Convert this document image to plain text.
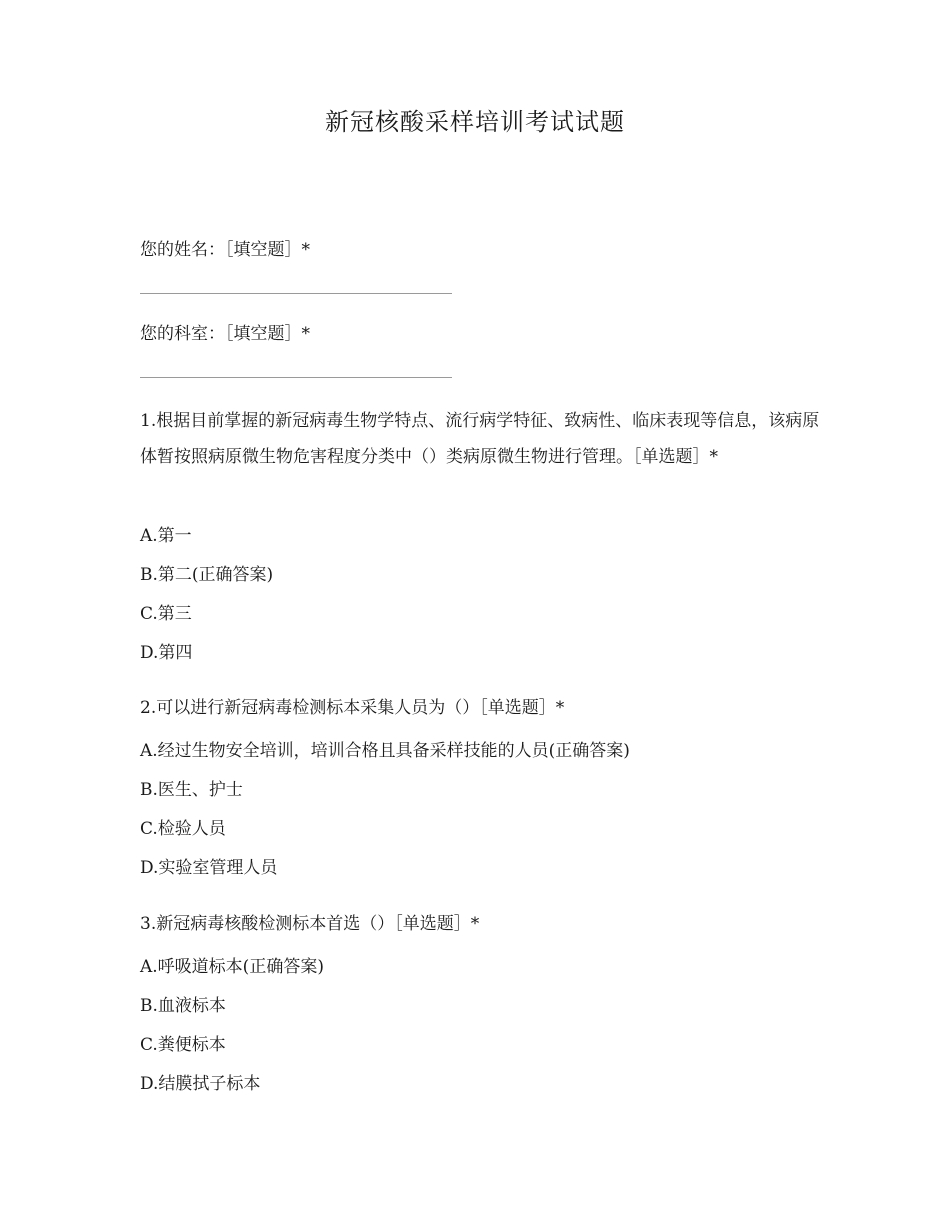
新冠核酸采样培训考试试题
您的姓名：［填空题］*
您的科室：［填空题］*
1.根据目前掌握的新冠病毒生物学特点、流行病学特征、致病性、临床表现等信息，该病原体暂按照病原微生物危害程度分类中（）类病原微生物进行管理。［单选题］*
A.第一
B.第二(正确答案)
C.第三
D.第四
2.可以进行新冠病毒检测标本采集人员为（）［单选题］*
A.经过生物安全培训，培训合格且具备采样技能的人员(正确答案)
B.医生、护士
C.检验人员
D.实验室管理人员
3.新冠病毒核酸检测标本首选（）［单选题］*
A.呼吸道标本(正确答案)
B.血液标本
C.粪便标本
D.结膜拭子标本
